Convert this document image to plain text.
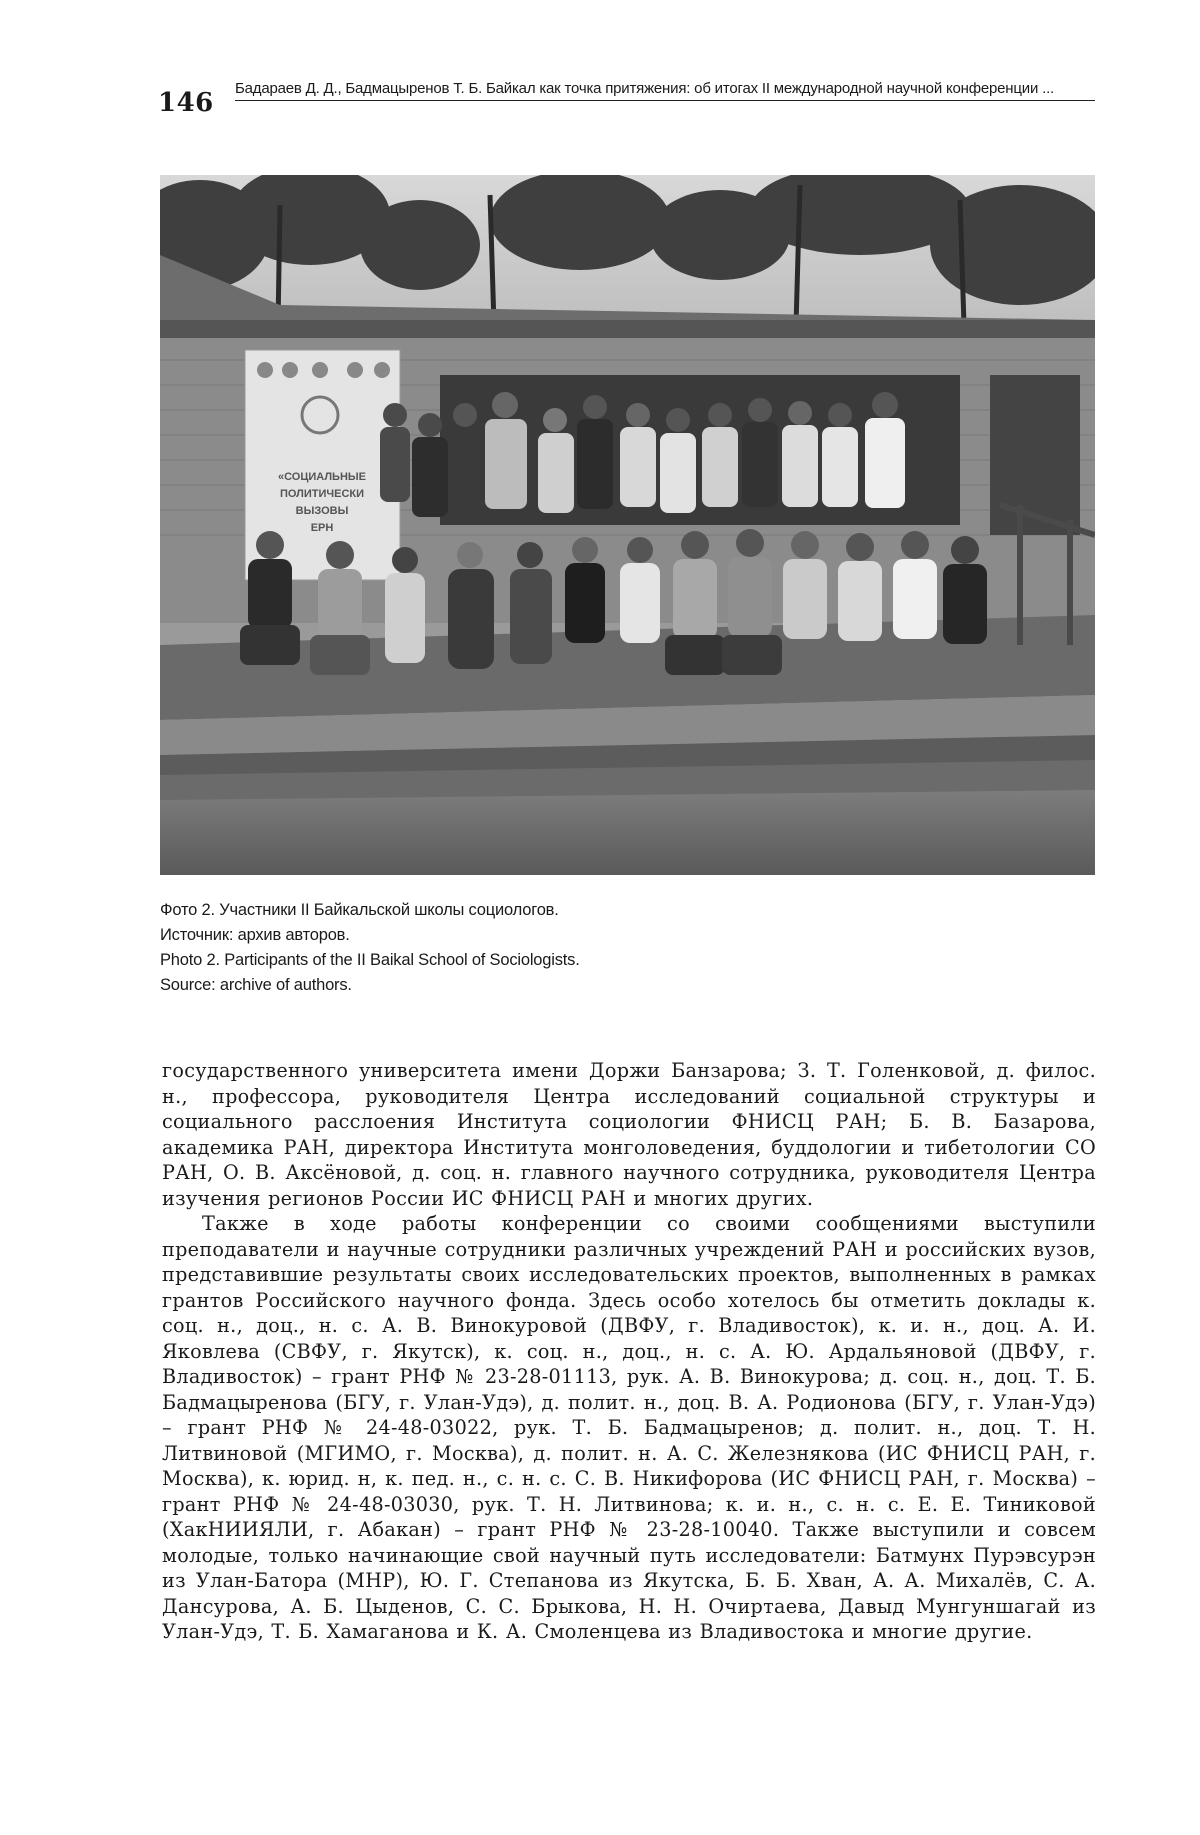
146 Бадараев Д. Д., Бадмацыренов Т. Б. Байкал как точка притяжения: об итогах II международной научной конференции ...
«СОЦИАЛЬНЫЕ
ПОЛИТИЧЕСКИ
ВЫЗОВЫ
ЕРН
Фото 2. Участники II Байкальской школы социологов.
Источник: архив авторов.
Photo 2. Participants of the II Baikal School of Sociologists.
Source: archive of authors.

государственного университета имени Доржи Банзарова; З. Т. Голенковой, д. филос. н., профессора, руководителя Центра исследований социальной структуры и социального расслоения Института социологии ФНИСЦ РАН; Б. В. Базарова, академика РАН, директора Института монголоведения, буддологии и тибетологии СО РАН, О. В. Аксёновой, д. соц. н. главного научного сотрудника, руководителя Центра изучения регионов России ИС ФНИСЦ РАН и многих других.

Также в ходе работы конференции со своими сообщениями выступили преподаватели и научные сотрудники различных учреждений РАН и российских вузов, представившие результаты своих исследовательских проектов, выполненных в рамках грантов Российского научного фонда. Здесь особо хотелось бы отметить доклады к. соц. н., доц., н. с. А. В. Винокуровой (ДВФУ, г. Владивосток), к. и. н., доц. А. И. Яковлева (СВФУ, г. Якутск), к. соц. н., доц., н. с. А. Ю. Ардальяновой (ДВФУ, г. Владивосток) – грант РНФ № 23-28-01113, рук. А. В. Винокурова; д. соц. н., доц. Т. Б. Бадмацыренова (БГУ, г. Улан-Удэ), д. полит. н., доц. В. А. Родионова (БГУ, г. Улан-Удэ) – грант РНФ № 24-48-03022, рук. Т. Б. Бадмацыренов; д. полит. н., доц. Т. Н. Литвиновой (МГИМО, г. Москва), д. полит. н. А. С. Железнякова (ИС ФНИСЦ РАН, г. Москва), к. юрид. н, к. пед. н., с. н. с. С. В. Никифорова (ИС ФНИСЦ РАН, г. Москва) – грант РНФ № 24-48-03030, рук. Т. Н. Литвинова; к. и. н., с. н. с. Е. Е. Тиниковой (ХакНИИЯЛИ, г. Абакан) – грант РНФ № 23-28-10040. Также выступили и совсем молодые, только начинающие свой научный путь исследователи: Батмунх Пурэвсурэн из Улан-Батора (МНР), Ю. Г. Степанова из Якутска, Б. Б. Хван, А. А. Михалёв, С. А. Дансурова, А. Б. Цыденов, С. С. Брыкова, Н. Н. Очиртаева, Давыд Мунгуншагай из Улан-Удэ, Т. Б. Хамаганова и К. А. Смоленцева из Владивостока и многие другие.
